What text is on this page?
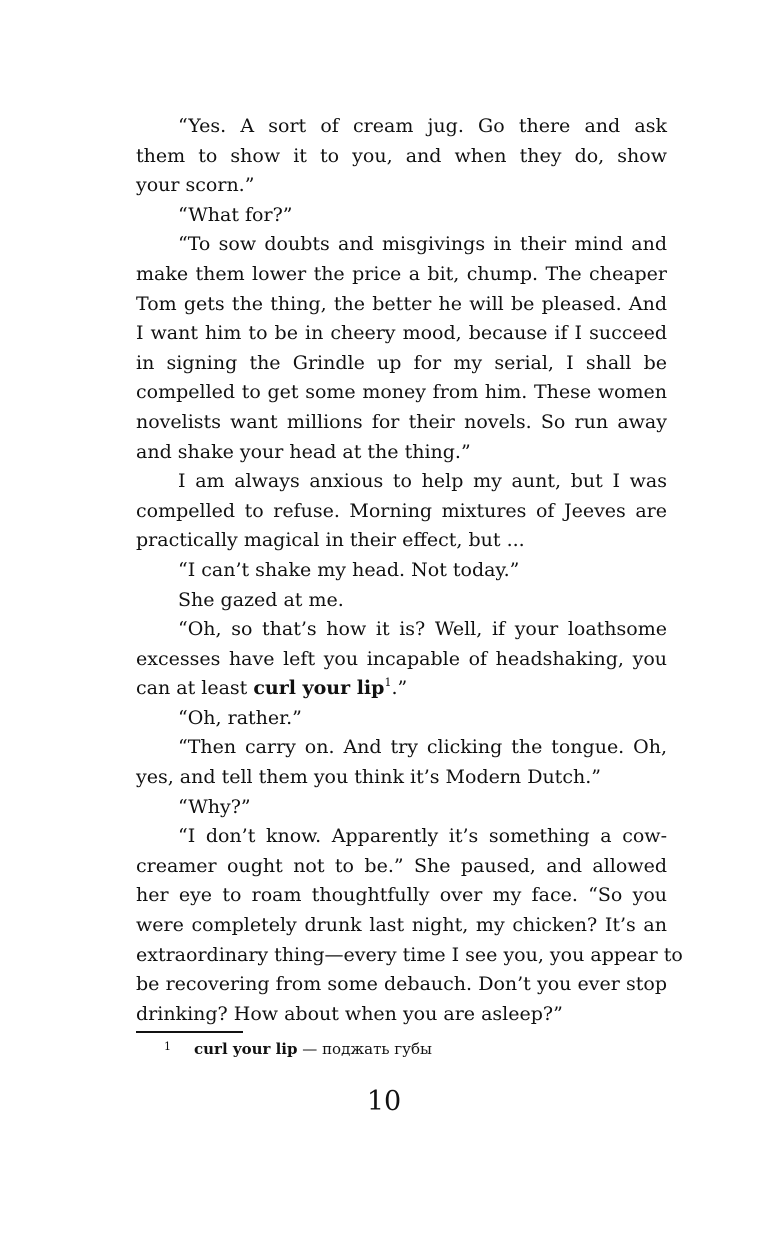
“Yes. A sort of cream jug. Go there and ask
them to show it to you, and when they do, show
your scorn.”
“What for?”
“To sow doubts and misgivings in their mind and
make them lower the price a bit, chump. The cheaper
Tom gets the thing, the better he will be pleased. And
I want him to be in cheery mood, because if I succeed
in signing the Grindle up for my serial, I shall be
compelled to get some money from him. These women
novelists want millions for their novels. So run away
and shake your head at the thing.”
I am always anxious to help my aunt, but I was
compelled to refuse. Morning mixtures of Jeeves are
practically magical in their effect, but ...
“I can’t shake my head. Not today.”
She gazed at me.
“Oh, so that’s how it is? Well, if your loathsome
excesses have left you incapable of headshaking, you
can at least curl your lip$^1$.”
“Oh, rather.”
“Then carry on. And try clicking the tongue. Oh,
yes, and tell them you think it’s Modern Dutch.”
“Why?”
“I don’t know. Apparently it’s something a cow-
creamer ought not to be.” She paused, and allowed
her eye to roam thoughtfully over my face. “So you
were completely drunk last night, my chicken? It’s an
extraordinary thing—every time I see you, you appear to
be recovering from some debauch. Don’t you ever stop
drinking? How about when you are asleep?”
1 curl your lip — поджать губы
10
